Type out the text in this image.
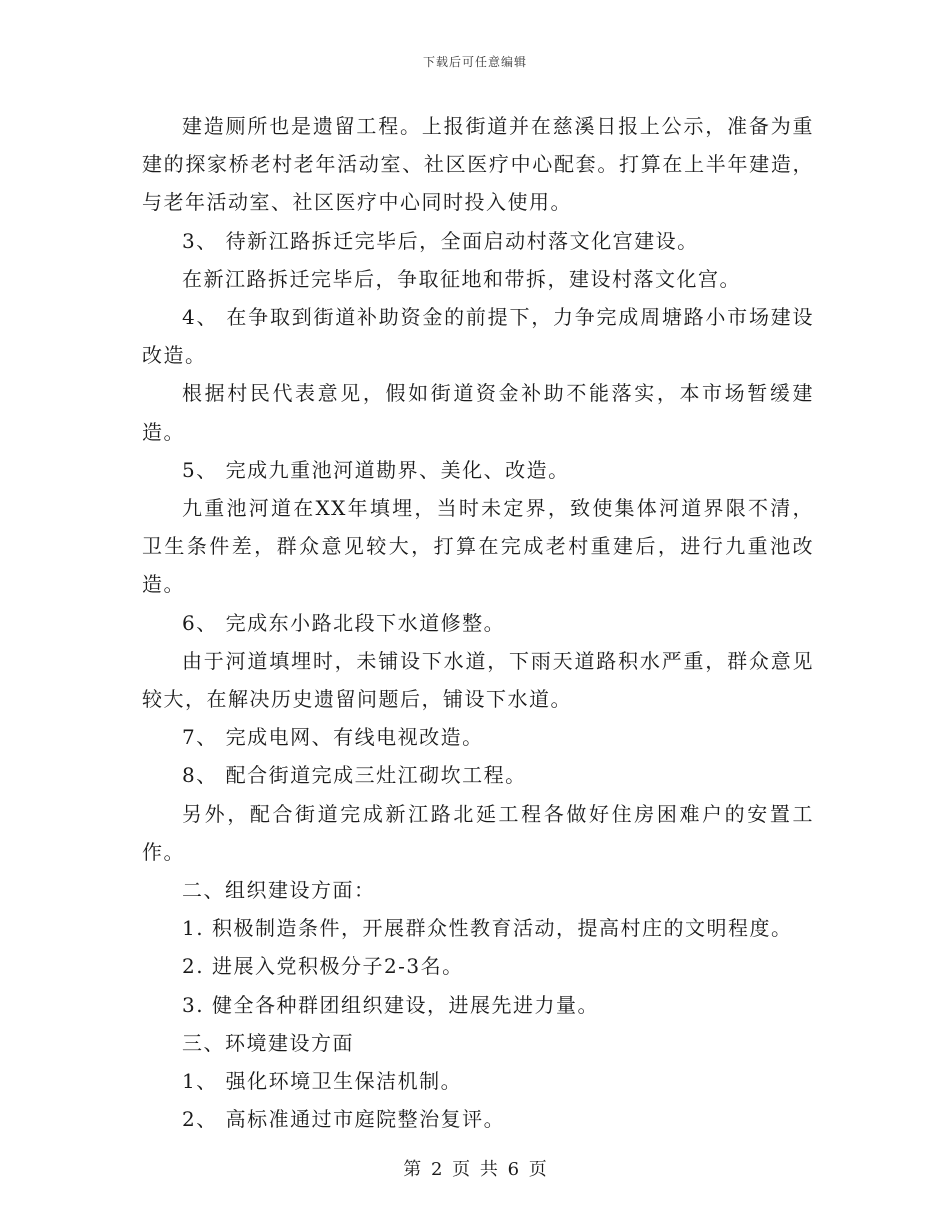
下载后可任意编辑

建造厕所也是遗留工程。上报街道并在慈溪日报上公示，准备为重建的探家桥老村老年活动室、社区医疗中心配套。打算在上半年建造，与老年活动室、社区医疗中心同时投入使用。

3、 待新江路拆迁完毕后，全面启动村落文化宫建设。

在新江路拆迁完毕后，争取征地和带拆，建设村落文化宫。

4、 在争取到街道补助资金的前提下，力争完成周塘路小市场建设改造。

根据村民代表意见，假如街道资金补助不能落实，本市场暂缓建造。

5、 完成九重池河道勘界、美化、改造。

九重池河道在XX年填埋，当时未定界，致使集体河道界限不清，卫生条件差，群众意见较大，打算在完成老村重建后，进行九重池改造。

6、 完成东小路北段下水道修整。

由于河道填埋时，未铺设下水道，下雨天道路积水严重，群众意见较大，在解决历史遗留问题后，铺设下水道。

7、 完成电网、有线电视改造。

8、 配合街道完成三灶江砌坎工程。

另外，配合街道完成新江路北延工程各做好住房困难户的安置工作。

二、组织建设方面：

1. 积极制造条件，开展群众性教育活动，提高村庄的文明程度。

2. 进展入党积极分子2-3名。

3. 健全各种群团组织建设，进展先进力量。

三、环境建设方面

1、 强化环境卫生保洁机制。

2、 高标准通过市庭院整治复评。

第 2 页 共 6 页
